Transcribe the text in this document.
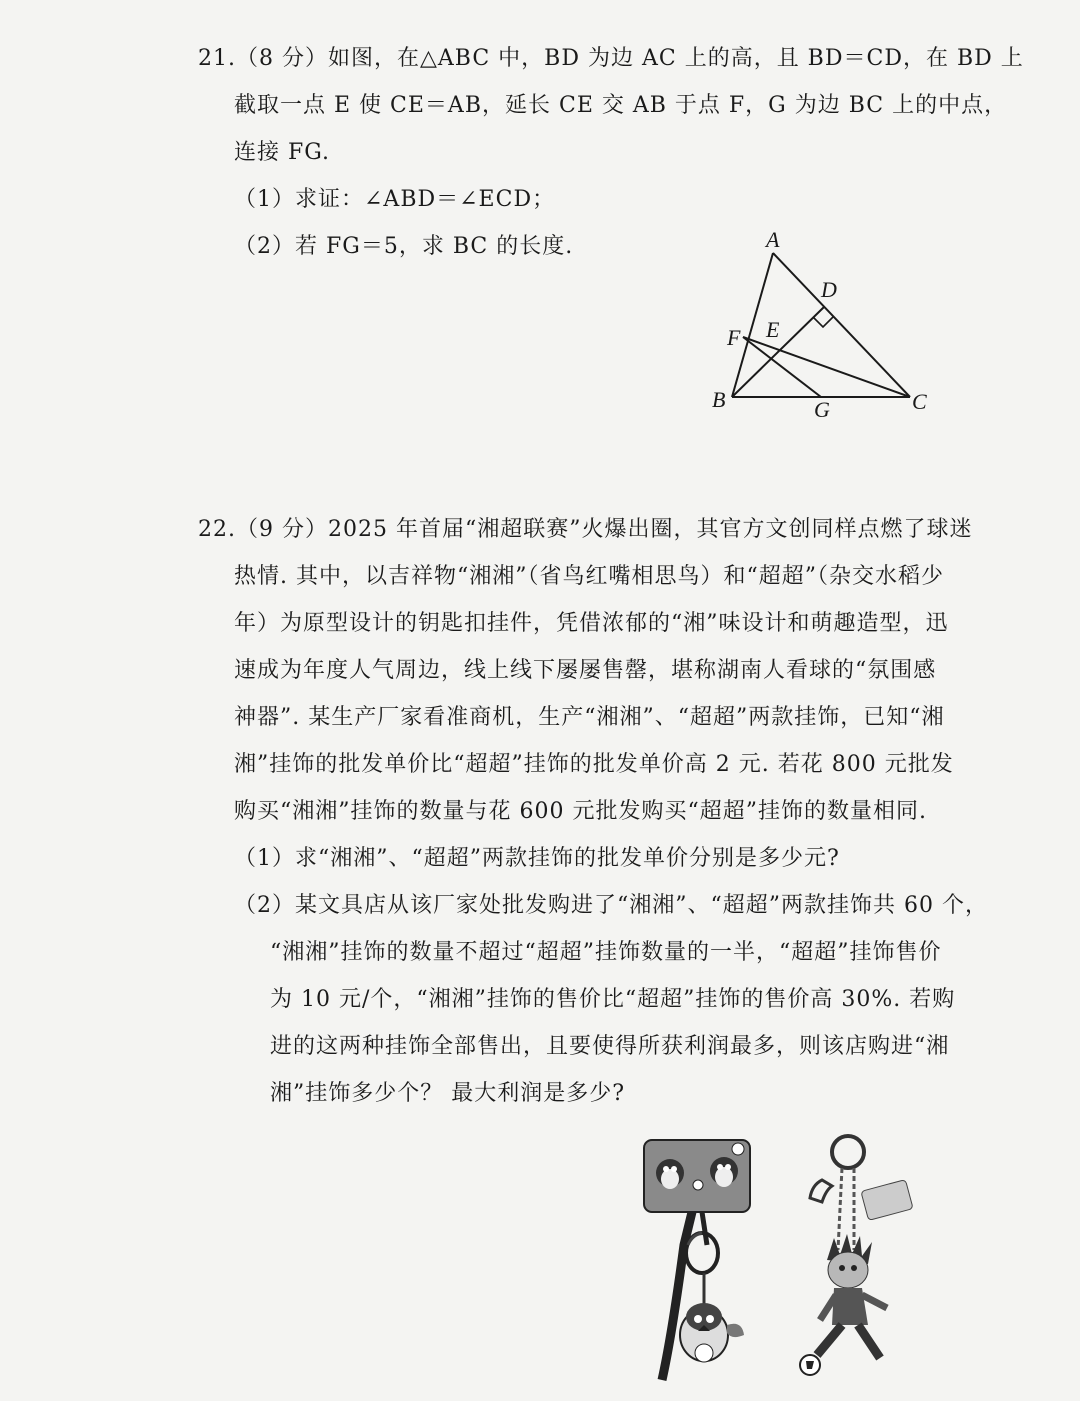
21.（8 分）如图，在△ABC 中，BD 为边 AC 上的高，且 BD＝CD，在 BD 上
截取一点 E 使 CE＝AB，延长 CE 交 AB 于点 F，G 为边 BC 上的中点，
连接 FG.
（1）求证：∠ABD＝∠ECD；
（2）若 FG＝5，求 BC 的长度.	A
D
E
F
B	G	C
22.（9 分）2025 年首届“湘超联赛”火爆出圈，其官方文创同样点燃了球迷
热情. 其中，以吉祥物“湘湘”（省鸟红嘴相思鸟）和“超超”（杂交水稻少
年）为原型设计的钥匙扣挂件，凭借浓郁的“湘”味设计和萌趣造型，迅
速成为年度人气周边，线上线下屡屡售罄，堪称湖南人看球的“氛围感
神器”. 某生产厂家看准商机，生产“湘湘”、“超超”两款挂饰，已知“湘
湘”挂饰的批发单价比“超超”挂饰的批发单价高 2 元. 若花 800 元批发
购买“湘湘”挂饰的数量与花 600 元批发购买“超超”挂饰的数量相同.
（1）求“湘湘”、“超超”两款挂饰的批发单价分别是多少元?
（2）某文具店从该厂家处批发购进了“湘湘”、“超超”两款挂饰共 60 个，
“湘湘”挂饰的数量不超过“超超”挂饰数量的一半，“超超”挂饰售价
为 10 元/个，“湘湘”挂饰的售价比“超超”挂饰的售价高 30%. 若购
进的这两种挂饰全部售出，且要使得所获利润最多，则该店购进“湘
湘”挂饰多少个？ 最大利润是多少?
